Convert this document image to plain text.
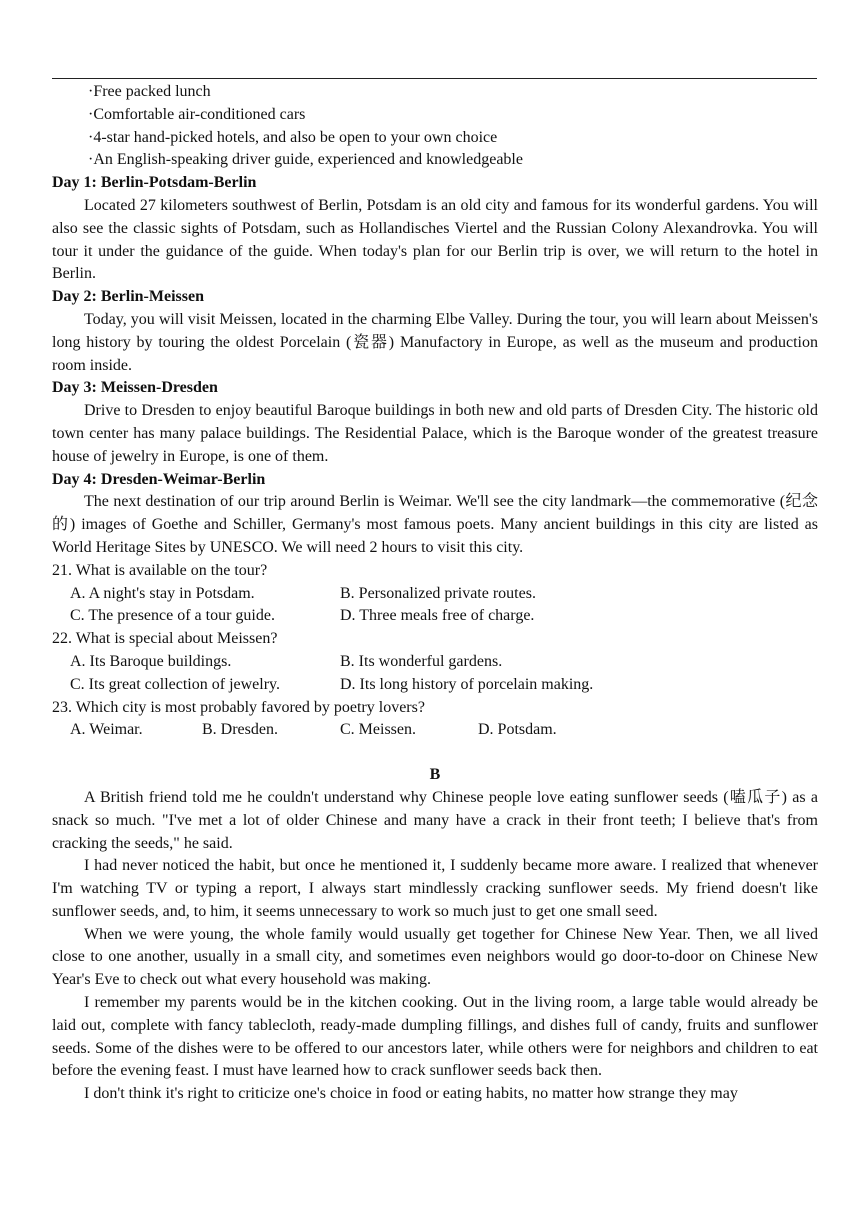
·Free packed lunch
·Comfortable air-conditioned cars
·4-star hand-picked hotels, and also be open to your own choice
·An English-speaking driver guide, experienced and knowledgeable
Day 1: Berlin-Potsdam-Berlin

Located 27 kilometers southwest of Berlin, Potsdam is an old city and famous for its wonderful gardens. You will also see the classic sights of Potsdam, such as Hollandisches Viertel and the Russian Colony Alexandrovka. You will tour it under the guidance of the guide. When today's plan for our Berlin trip is over, we will return to the hotel in Berlin.

Day 2: Berlin-Meissen

Today, you will visit Meissen, located in the charming Elbe Valley. During the tour, you will learn about Meissen's long history by touring the oldest Porcelain (瓷器) Manufactory in Europe, as well as the museum and production room inside.

Day 3: Meissen-Dresden

Drive to Dresden to enjoy beautiful Baroque buildings in both new and old parts of Dresden City. The historic old town center has many palace buildings. The Residential Palace, which is the Baroque wonder of the greatest treasure house of jewelry in Europe, is one of them.

Day 4: Dresden-Weimar-Berlin

The next destination of our trip around Berlin is Weimar. We'll see the city landmark—the commemorative (纪念的) images of Goethe and Schiller, Germany's most famous poets. Many ancient buildings in this city are listed as World Heritage Sites by UNESCO. We will need 2 hours to visit this city.

21. What is available on the tour?
A. A night's stay in Potsdam.	B. Personalized private routes.
C. The presence of a tour guide.	D. Three meals free of charge.
22. What is special about Meissen?
A. Its Baroque buildings.	B. Its wonderful gardens.
C. Its great collection of jewelry.	D. Its long history of porcelain making.
23. Which city is most probably favored by poetry lovers?
A. Weimar.	B. Dresden.	C. Meissen.	D. Potsdam.
B

A British friend told me he couldn't understand why Chinese people love eating sunflower seeds (嗑瓜子) as a snack so much. "I've met a lot of older Chinese and many have a crack in their front teeth; I believe that's from cracking the seeds," he said.

I had never noticed the habit, but once he mentioned it, I suddenly became more aware. I realized that whenever I'm watching TV or typing a report, I always start mindlessly cracking sunflower seeds. My friend doesn't like sunflower seeds, and, to him, it seems unnecessary to work so much just to get one small seed.

When we were young, the whole family would usually get together for Chinese New Year. Then, we all lived close to one another, usually in a small city, and sometimes even neighbors would go door-to-door on Chinese New Year's Eve to check out what every household was making.

I remember my parents would be in the kitchen cooking. Out in the living room, a large table would already be laid out, complete with fancy tablecloth, ready-made dumpling fillings, and dishes full of candy, fruits and sunflower seeds. Some of the dishes were to be offered to our ancestors later, while others were for neighbors and children to eat before the evening feast. I must have learned how to crack sunflower seeds back then.

I don't think it's right to criticize one's choice in food or eating habits, no matter how strange they may
